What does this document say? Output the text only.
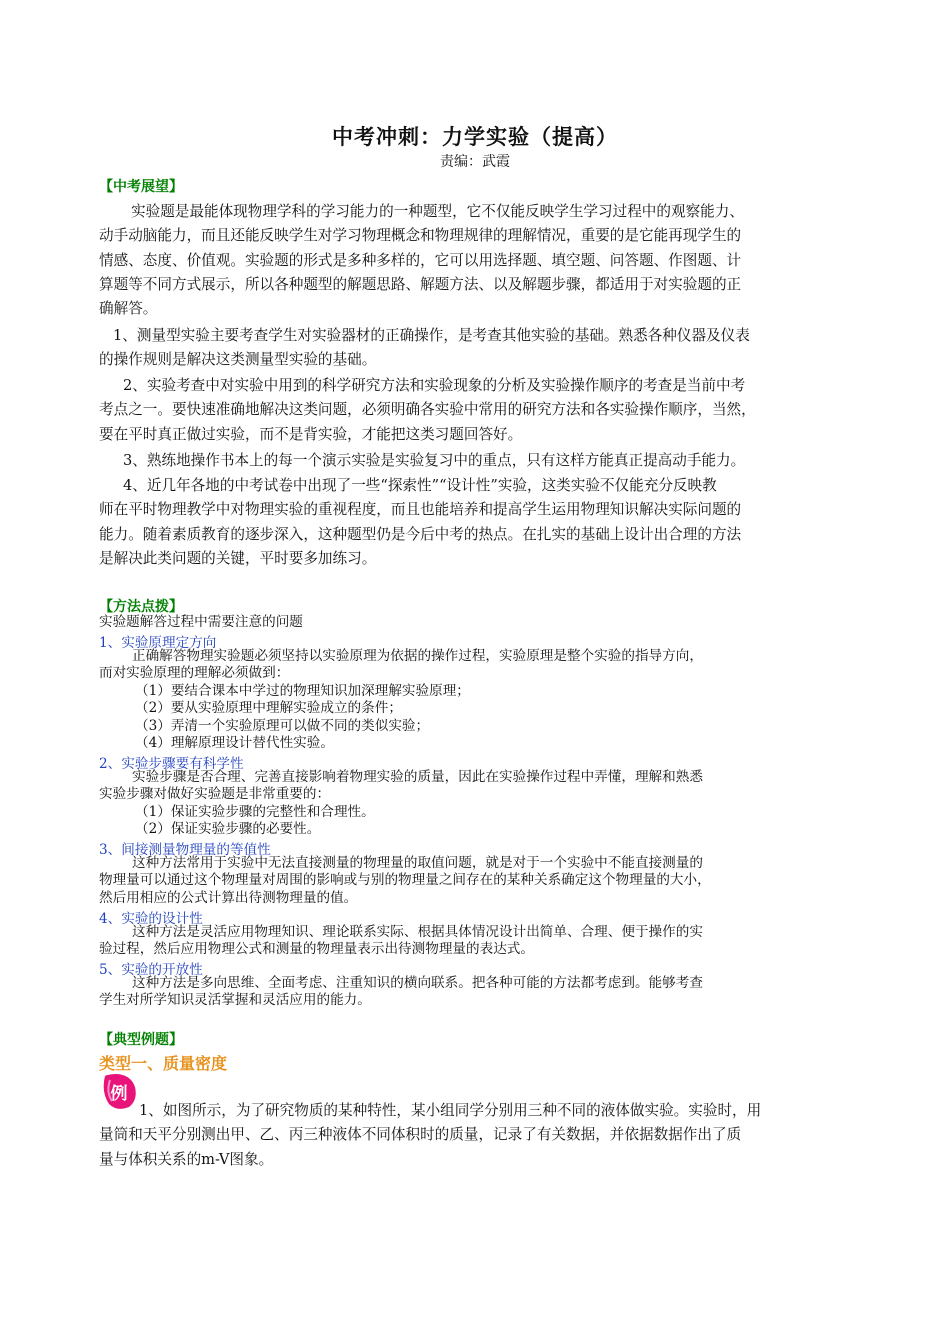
中考冲刺：力学实验（提高）
责编：武霞
【中考展望】
实验题是最能体现物理学科的学习能力的一种题型，它不仅能反映学生学习过程中的观察能力、
动手动脑能力，而且还能反映学生对学习物理概念和物理规律的理解情况，重要的是它能再现学生的
情感、态度、价值观。实验题的形式是多种多样的，它可以用选择题、填空题、问答题、作图题、计
算题等不同方式展示，所以各种题型的解题思路、解题方法、以及解题步骤，都适用于对实验题的正
确解答。
1、测量型实验主要考查学生对实验器材的正确操作，是考查其他实验的基础。熟悉各种仪器及仪表
的操作规则是解决这类测量型实验的基础。
2、实验考查中对实验中用到的科学研究方法和实验现象的分析及实验操作顺序的考查是当前中考
考点之一。要快速准确地解决这类问题，必须明确各实验中常用的研究方法和各实验操作顺序，当然，
要在平时真正做过实验，而不是背实验，才能把这类习题回答好。
3、熟练地操作书本上的每一个演示实验是实验复习中的重点，只有这样方能真正提高动手能力。
4、近几年各地的中考试卷中出现了一些“探索性”“设计性”实验，这类实验不仅能充分反映教
师在平时物理教学中对物理实验的重视程度，而且也能培养和提高学生运用物理知识解决实际问题的
能力。随着素质教育的逐步深入，这种题型仍是今后中考的热点。在扎实的基础上设计出合理的方法
是解决此类问题的关键，平时要多加练习。
【方法点拨】
实验题解答过程中需要注意的问题
1、实验原理定方向
正确解答物理实验题必须坚持以实验原理为依据的操作过程，实验原理是整个实验的指导方向，
而对实验原理的理解必须做到：
（1）要结合课本中学过的物理知识加深理解实验原理；
（2）要从实验原理中理解实验成立的条件；
（3）弄清一个实验原理可以做不同的类似实验；
（4）理解原理设计替代性实验。
2、实验步骤要有科学性
实验步骤是否合理、完善直接影响着物理实验的质量，因此在实验操作过程中弄懂，理解和熟悉
实验步骤对做好实验题是非常重要的：
（1）保证实验步骤的完整性和合理性。
（2）保证实验步骤的必要性。
3、间接测量物理量的等值性
这种方法常用于实验中无法直接测量的物理量的取值问题，就是对于一个实验中不能直接测量的
物理量可以通过这个物理量对周围的影响或与别的物理量之间存在的某种关系确定这个物理量的大小，
然后用相应的公式计算出待测物理量的值。
4、实验的设计性
这种方法是灵活应用物理知识、理论联系实际、根据具体情况设计出简单、合理、便于操作的实
验过程，然后应用物理公式和测量的物理量表示出待测物理量的表达式。
5、实验的开放性
这种方法是多向思维、全面考虑、注重知识的横向联系。把各种可能的方法都考虑到。能够考查
学生对所学知识灵活掌握和灵活应用的能力。
【典型例题】
类型一、质量密度
例
1、如图所示，为了研究物质的某种特性，某小组同学分别用三种不同的液体做实验。实验时，用
量筒和天平分别测出甲、乙、丙三种液体不同体积时的质量，记录了有关数据，并依据数据作出了质
量与体积关系的m-V图象。
